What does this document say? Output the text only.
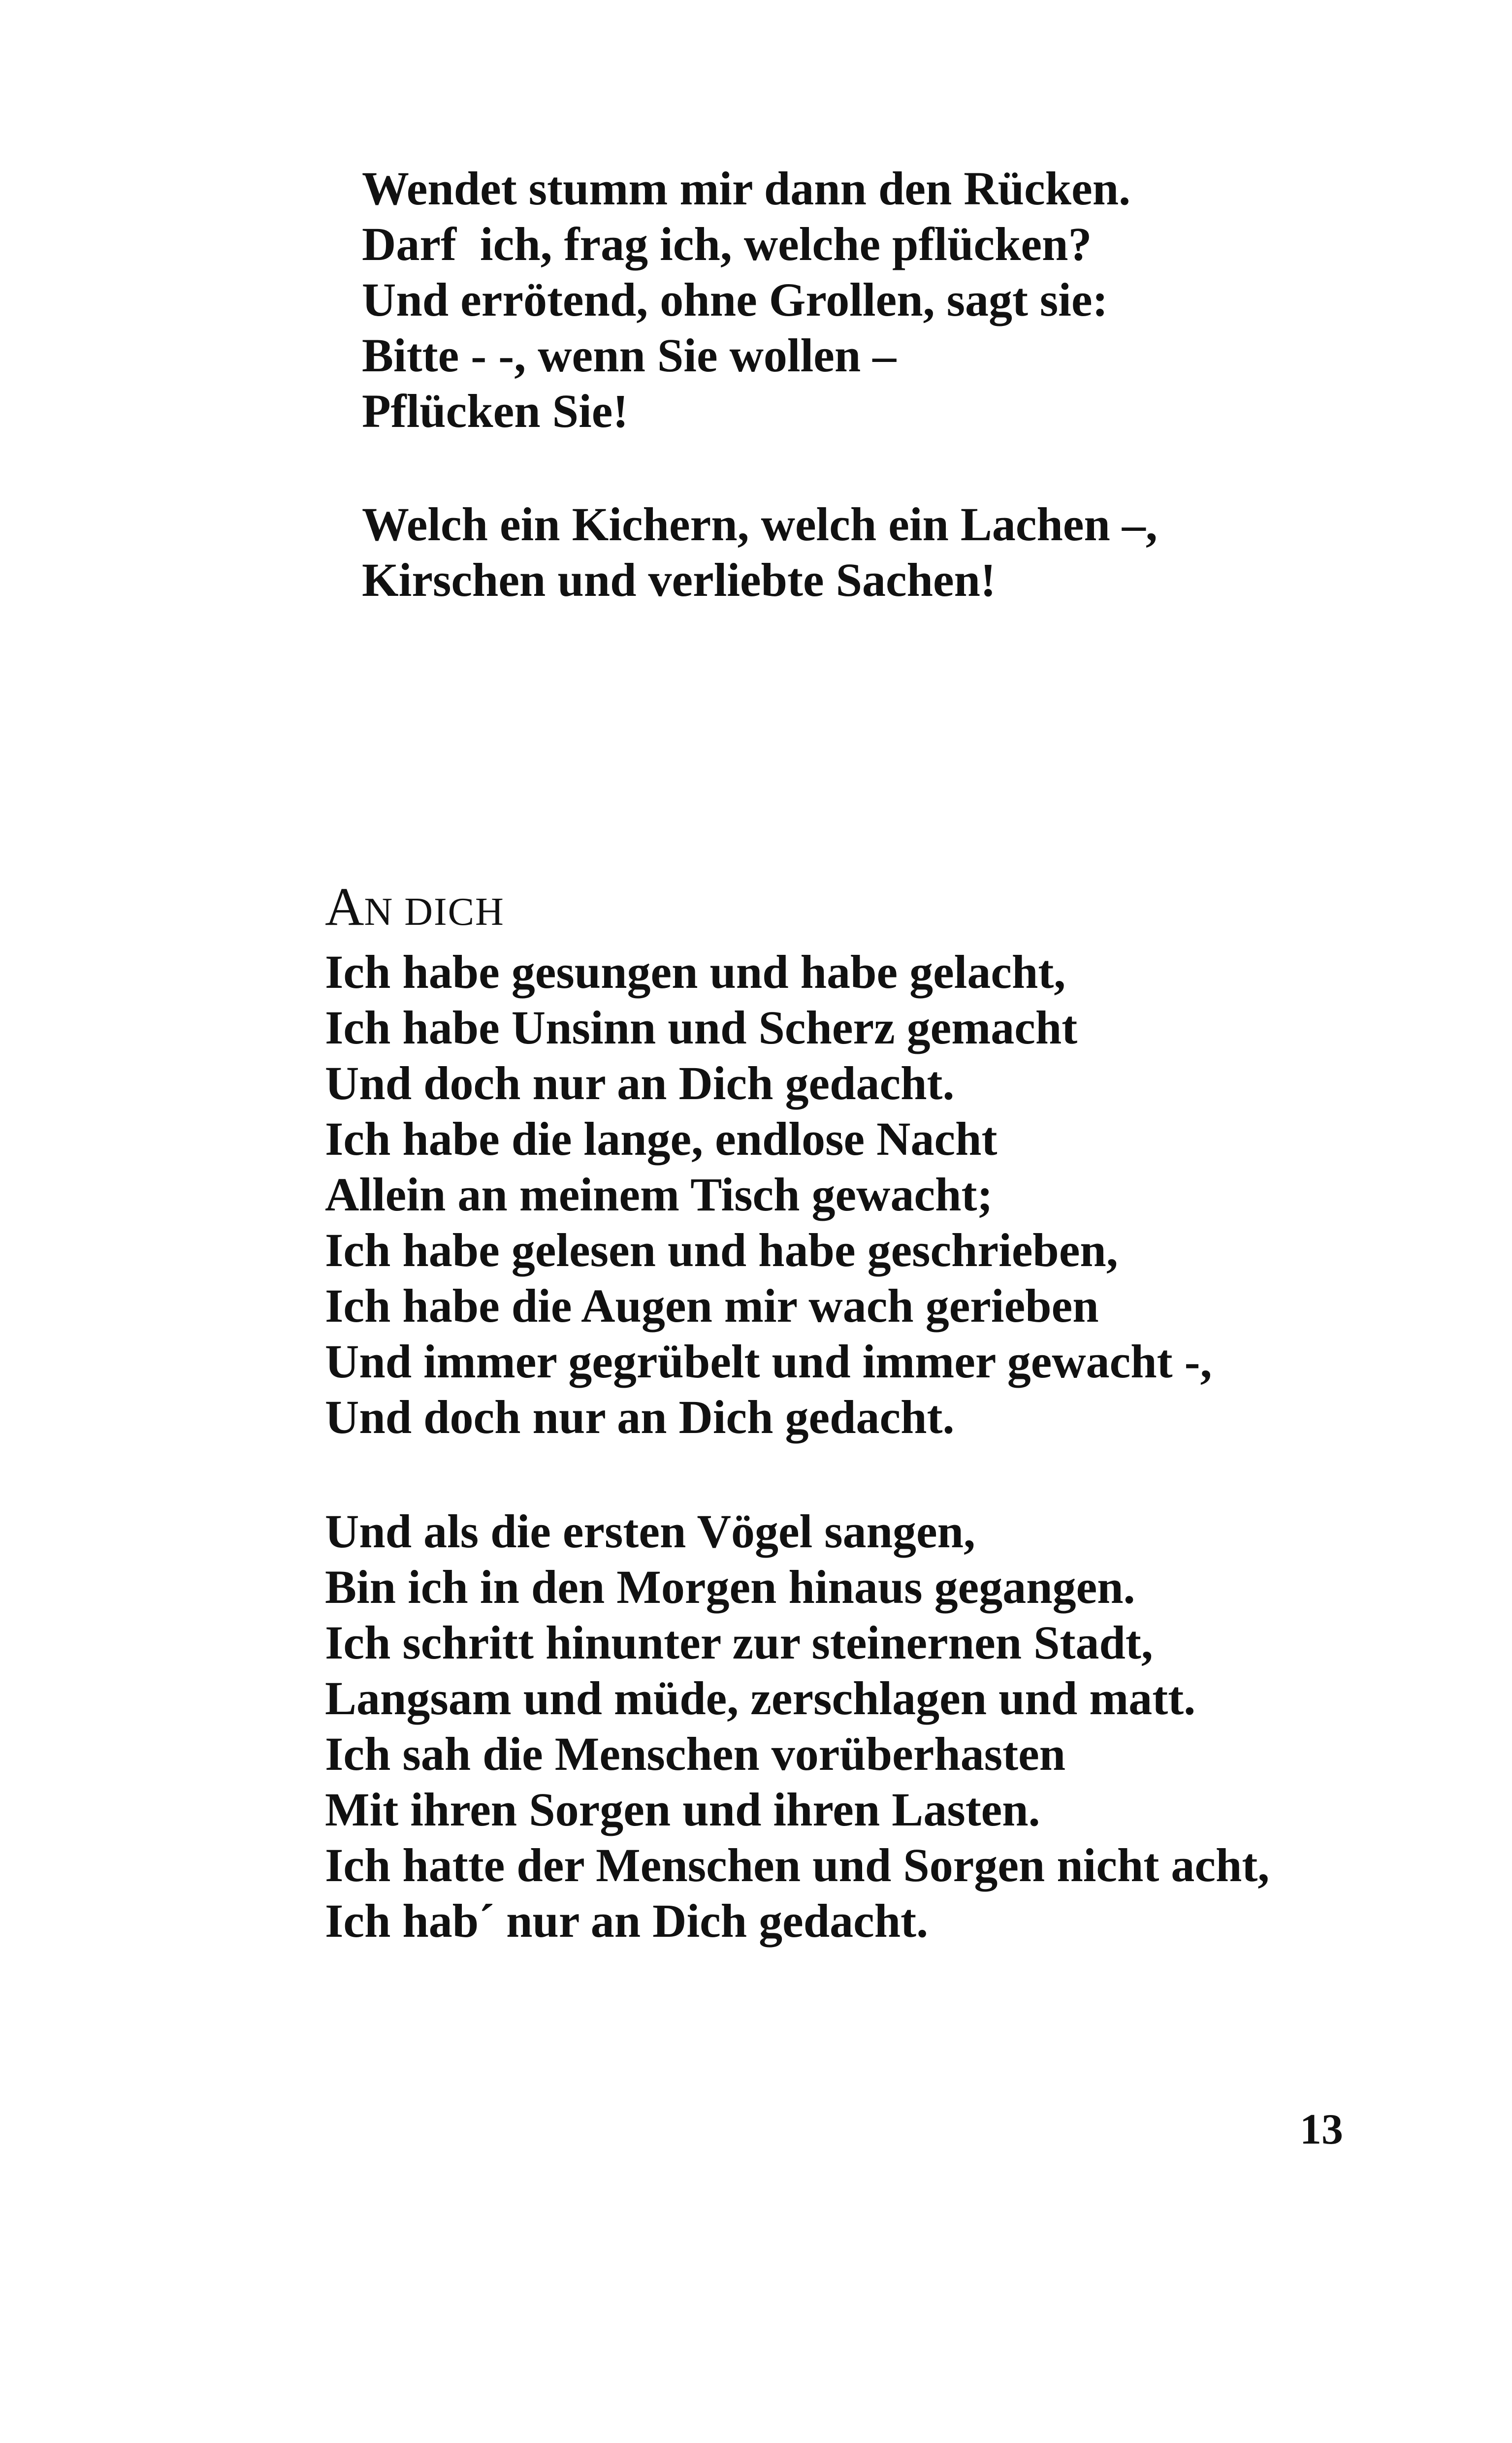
Wendet stumm mir dann den Rücken.
Darf  ich, frag ich, welche pflücken?
Und errötend, ohne Grollen, sagt sie:
Bitte - -, wenn Sie wollen –
Pflücken Sie!
Welch ein Kichern, welch ein Lachen –,
Kirschen und verliebte Sachen!
AN DICH
Ich habe gesungen und habe gelacht,
Ich habe Unsinn und Scherz gemacht
Und doch nur an Dich gedacht.
Ich habe die lange, endlose Nacht
Allein an meinem Tisch gewacht;
Ich habe gelesen und habe geschrieben,
Ich habe die Augen mir wach gerieben
Und immer gegrübelt und immer gewacht -,
Und doch nur an Dich gedacht.
Und als die ersten Vögel sangen,
Bin ich in den Morgen hinaus gegangen.
Ich schritt hinunter zur steinernen Stadt,
Langsam und müde, zerschlagen und matt.
Ich sah die Menschen vorüberhasten
Mit ihren Sorgen und ihren Lasten.
Ich hatte der Menschen und Sorgen nicht acht,
Ich hab´ nur an Dich gedacht.
13
